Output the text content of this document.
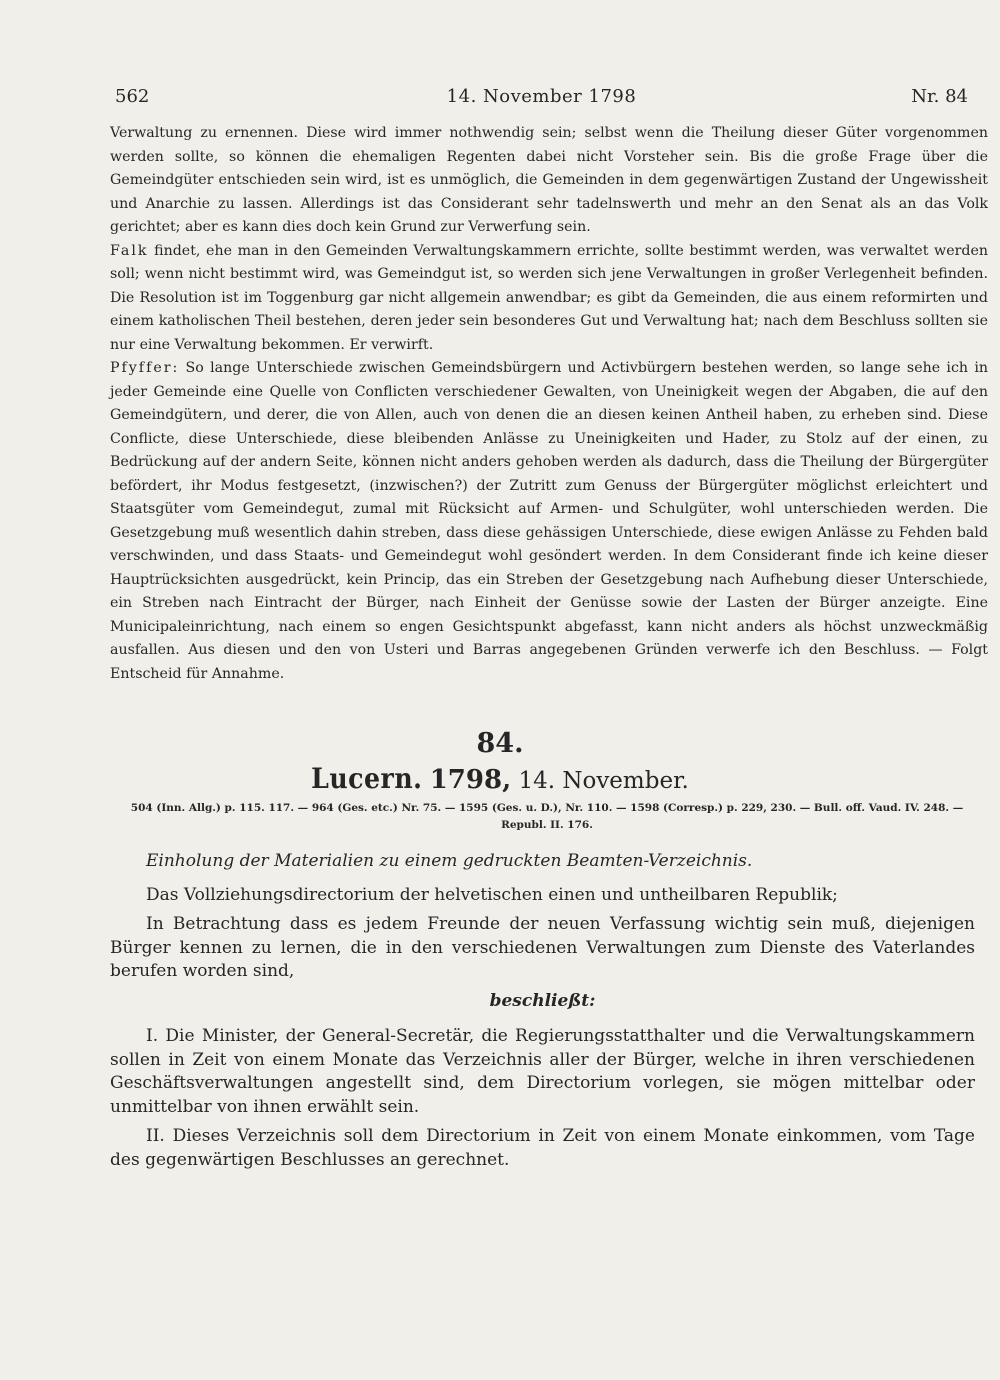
562	14. November 1798	Nr. 84

Verwaltung zu ernennen. Diese wird immer nothwendig sein; selbst wenn die Theilung dieser Güter vorgenommen werden sollte, so können die ehemaligen Regenten dabei nicht Vorsteher sein. Bis die große Frage über die Gemeindgüter entschieden sein wird, ist es unmöglich, die Gemeinden in dem gegenwärtigen Zustand der Ungewissheit und Anarchie zu lassen. Allerdings ist das Considerant sehr tadelnswerth und mehr an den Senat als an das Volk gerichtet; aber es kann dies doch kein Grund zur Verwerfung sein.

Falk findet, ehe man in den Gemeinden Verwaltungskammern errichte, sollte bestimmt werden, was verwaltet werden soll; wenn nicht bestimmt wird, was Gemeindgut ist, so werden sich jene Verwaltungen in großer Verlegenheit befinden. Die Resolution ist im Toggenburg gar nicht allgemein anwendbar; es gibt da Gemeinden, die aus einem reformirten und einem katholischen Theil bestehen, deren jeder sein besonderes Gut und Verwaltung hat; nach dem Beschluss sollten sie nur eine Verwaltung bekommen. Er verwirft.

Pfyffer: So lange Unterschiede zwischen Gemeindsbürgern und Activbürgern bestehen werden, so lange sehe ich in jeder Gemeinde eine Quelle von Conflicten verschiedener Gewalten, von Uneinigkeit wegen der Abgaben, die auf den Gemeindgütern, und derer, die von Allen, auch von denen die an diesen keinen Antheil haben, zu erheben sind. Diese Conflicte, diese Unterschiede, diese bleibenden Anlässe zu Uneinigkeiten und Hader, zu Stolz auf der einen, zu Bedrückung auf der andern Seite, können nicht anders gehoben werden als dadurch, dass die Theilung der Bürgergüter befördert, ihr Modus festgesetzt, (inzwischen?) der Zutritt zum Genuss der Bürgergüter möglichst erleichtert und Staatsgüter vom Gemeindegut, zumal mit Rücksicht auf Armen- und Schulgüter, wohl unterschieden werden. Die Gesetzgebung muß wesentlich dahin streben, dass diese gehässigen Unterschiede, diese ewigen Anlässe zu Fehden bald verschwinden, und dass Staats- und Gemeindegut wohl gesöndert werden. In dem Considerant finde ich keine dieser Hauptrücksichten ausgedrückt, kein Princip, das ein Streben der Gesetzgebung nach Aufhebung dieser Unterschiede, ein Streben nach Eintracht der Bürger, nach Einheit der Genüsse sowie der Lasten der Bürger anzeigte. Eine Municipaleinrichtung, nach einem so engen Gesichtspunkt abgefasst, kann nicht anders als höchst unzweckmäßig ausfallen. Aus diesen und den von Usteri und Barras angegebenen Gründen verwerfe ich den Beschluss. — Folgt Entscheid für Annahme.

84.
Lucern. 1798, 14. November.
504 (Inn. Allg.) p. 115. 117. — 964 (Ges. etc.) Nr. 75. — 1595 (Ges. u. D.), Nr. 110. — 1598 (Corresp.) p. 229, 230. — Bull. off. Vaud. IV. 248. — Republ. II. 176.

Einholung der Materialien zu einem gedruckten Beamten-Verzeichnis.

Das Vollziehungsdirectorium der helvetischen einen und untheilbaren Republik;

In Betrachtung dass es jedem Freunde der neuen Verfassung wichtig sein muß, diejenigen Bürger kennen zu lernen, die in den verschiedenen Verwaltungen zum Dienste des Vaterlandes berufen worden sind,

beschließt:

I. Die Minister, der General-Secretär, die Regierungsstatthalter und die Verwaltungskammern sollen in Zeit von einem Monate das Verzeichnis aller der Bürger, welche in ihren verschiedenen Geschäftsverwaltungen angestellt sind, dem Directorium vorlegen, sie mögen mittelbar oder unmittelbar von ihnen erwählt sein.

II. Dieses Verzeichnis soll dem Directorium in Zeit von einem Monate einkommen, vom Tage des gegenwärtigen Beschlusses an gerechnet.
